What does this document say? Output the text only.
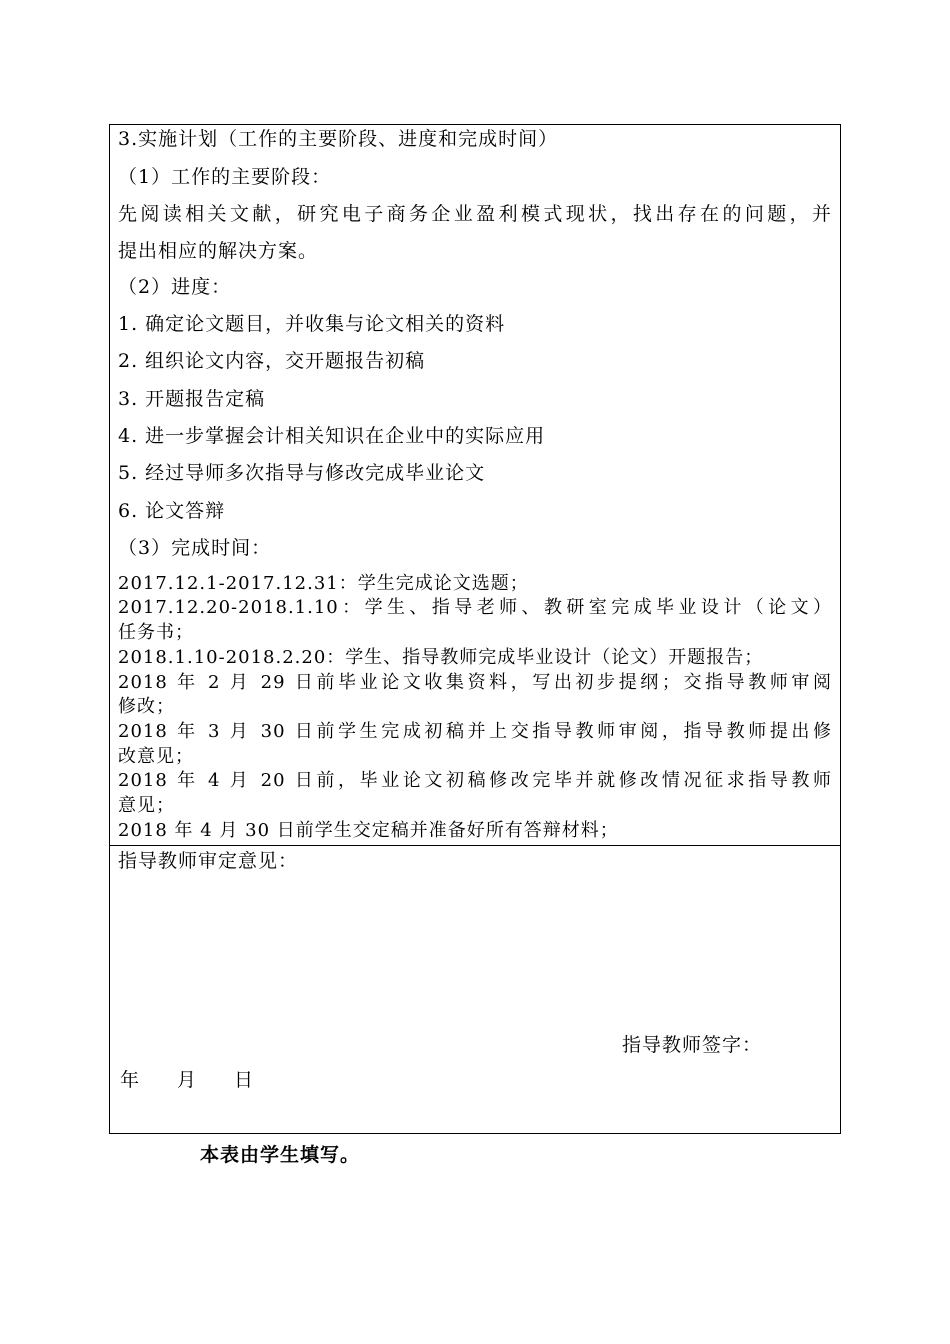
3.实施计划（工作的主要阶段、进度和完成时间）
（1）工作的主要阶段：
先阅读相关文献，研究电子商务企业盈利模式现状，找出存在的问题，并
提出相应的解决方案。
（2）进度：
1. 确定论文题目，并收集与论文相关的资料
2. 组织论文内容，交开题报告初稿
3. 开题报告定稿
4. 进一步掌握会计相关知识在企业中的实际应用
5. 经过导师多次指导与修改完成毕业论文
6. 论文答辩
（3）完成时间：
2017.12.1-2017.12.31：学生完成论文选题；
2017.12.20-2018.1.10：学生、指导老师、教研室完成毕业设计（论文）
任务书；
2018.1.10-2018.2.20：学生、指导教师完成毕业设计（论文）开题报告；
2018 年 2 月 29 日前毕业论文收集资料，写出初步提纲；交指导教师审阅
修改；
2018 年 3 月 30 日前学生完成初稿并上交指导教师审阅，指导教师提出修
改意见；
2018 年 4 月 20 日前，毕业论文初稿修改完毕并就修改情况征求指导教师
意见；
2018 年 4 月 30 日前学生交定稿并准备好所有答辩材料；
指导教师审定意见：
指导教师签字：
年 月 日
本表由学生填写。
